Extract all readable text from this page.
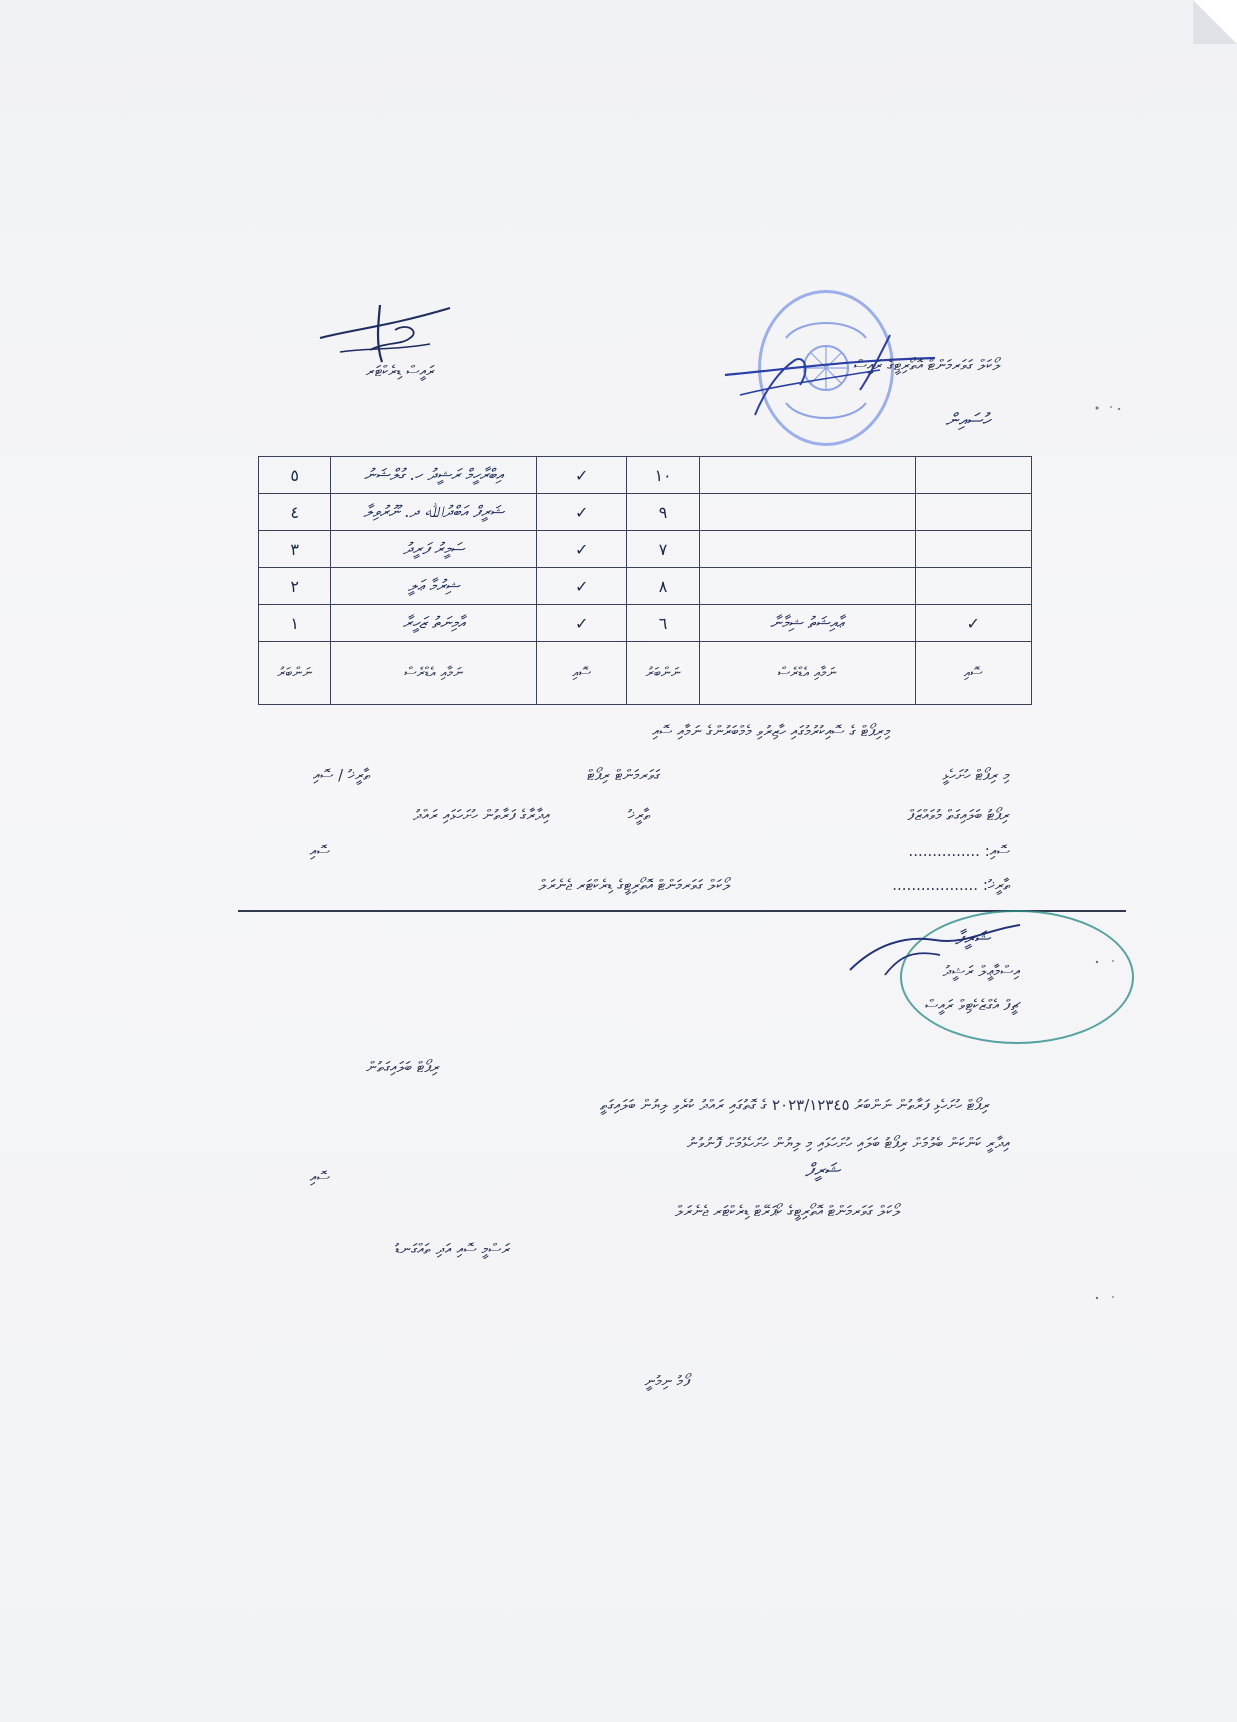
ރައީސް ޑިރެކްޓަރ	ލޯކަލް ގަވަރމަންޓް އޮތޯރިޓީގެ ރައީސް
ހުސައިން
٥	އިބްރާހީމް ރަޝީދު ހ. ގުލްޝަނު	✓	١٠		
٤	ޝަރީފް އަބްދުﷲ ދ. ނޫރުވިލާ	✓	٩		
٣	ސަމީރު ފަރީދު	✓	٧		
٢	ޝިރުމާ ޢަލީ	✓	٨		
١	އާމިނަތު ޒަހީރާ	✓	٦	ޢާއިޝަތު ޝިމާނާ	✓
ނަންބަރު	ނަމާއި އެޑްރެސް	ސޮއި	ނަންބަރު	ނަމާއި އެޑްރެސް	ސޮއި
މިރިޕޯޓް ގެ ސޮއިކުރުމުގައި ހާޒިރުވި މެމްބަރުންގެ ނަމާއި ސޮއި
ތާރީޚު / ސޮއި	ގަވަރމަންޓް ރިޕޯޓް	މި ރިޕޯޓް ހުށަހެޅީ
އިދާރާގެ ފަރާތުން ހުށަހަޅައި ރައްދު	ތާރީޚު	ރިޕޯޓު ބަލައިގަތް މުވައްޒަފް
ސޮއި	ސޮއި: ...............
ލޯކަލް ގަވަރމަންޓް އޮތޯރިޓީގެ ޑިރެކްޓަރ ޖެނެރަލް	ތާރީޚު: ..................
ޝަރީފާ
އިސްމާޢީލް ރަޝީދު
ޗީފް އެގްޒެކެޓިވް ރައީސް
ރިޕޯޓް ބަލައިގަތުން
ރިޕޯޓް ހުށަހެޅި ފަރާތުން ނަންބަރު ٢٠٢٣/١٢٣٤٥ ގެ ގޮތުގައި ރައްދު ކުރެވި ލިޔުން ބަލައިގަތީ
އިދާރީ ކަންކަން ބެލުމަށް ރިޕޯޓު ބަލައި ހުށަހަޅައި މި ލިޔުން ހުށަހެޅުމަށް ފޮނުވުނު
ޝަރީފް
ސޮއި
ލޯކަލް ގަވަރމަންޓް އޮތޯރިޓީގެ ކޯޕަރޭޓް ޑިރެކްޓަރ ޖެނެރަލް
ރަސްމީ ސޮއި އަދި ތައްގަނޑު
ފޯމު ނިމުނީ
